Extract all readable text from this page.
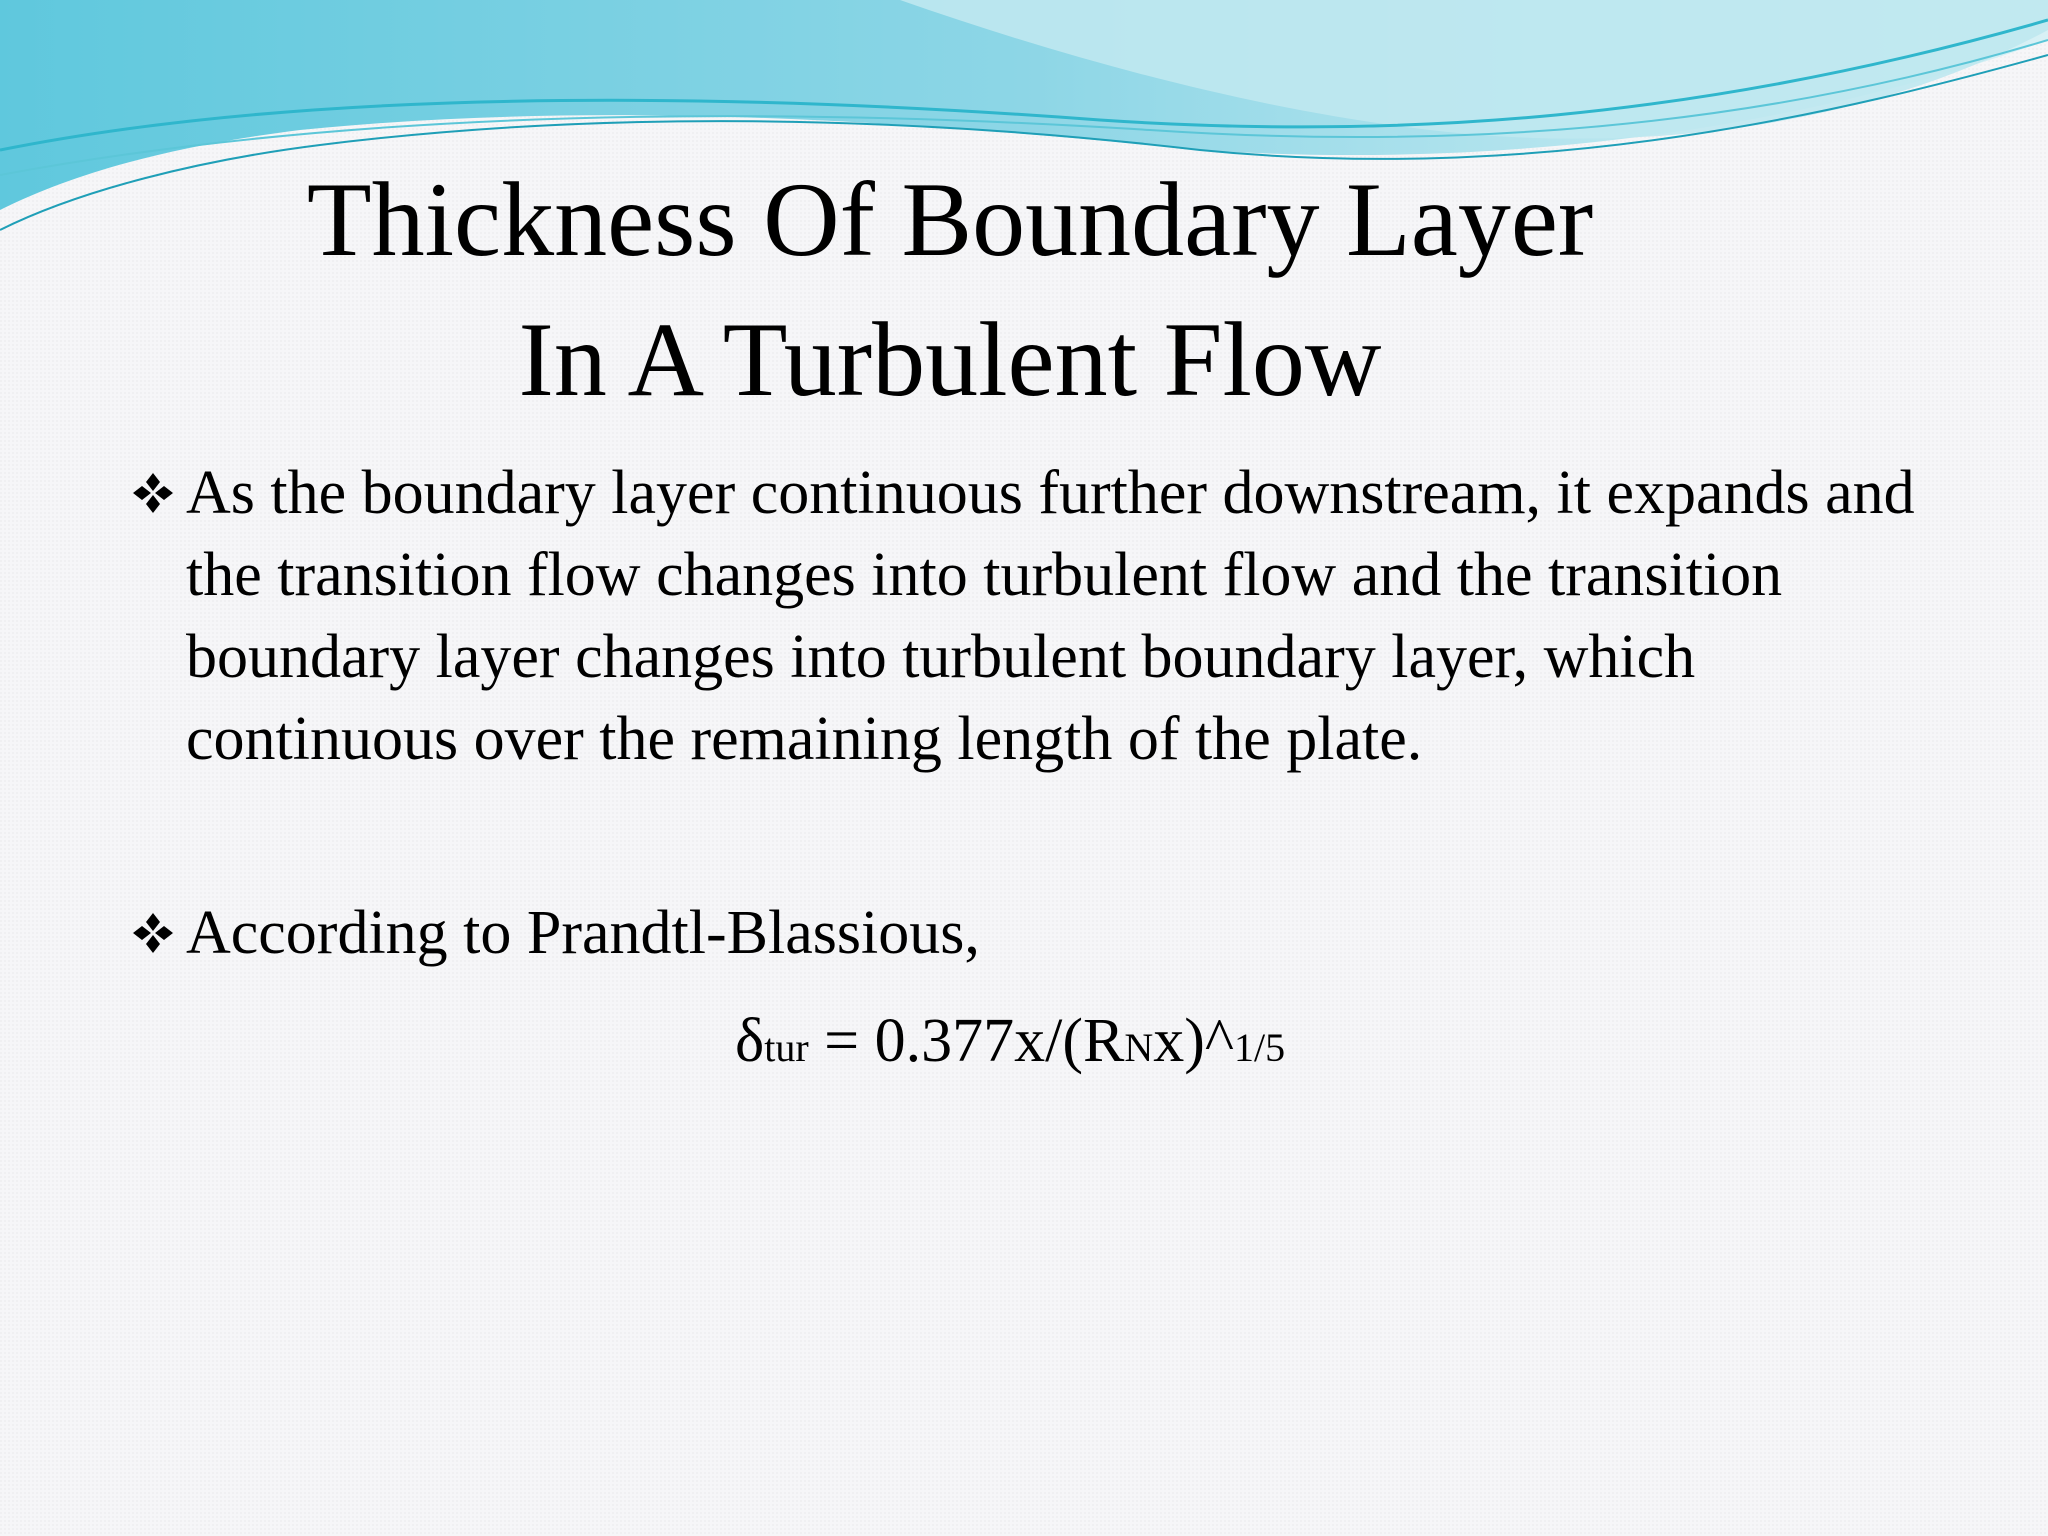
Thickness Of Boundary Layer
In A Turbulent Flow
As the boundary layer continuous further downstream, it expands and the transition flow changes into turbulent flow and the transition boundary layer changes into turbulent boundary layer, which continuous over the remaining length of the plate.
According to Prandtl-Blassious,
δtur = 0.377x/(RNx)^1/5
